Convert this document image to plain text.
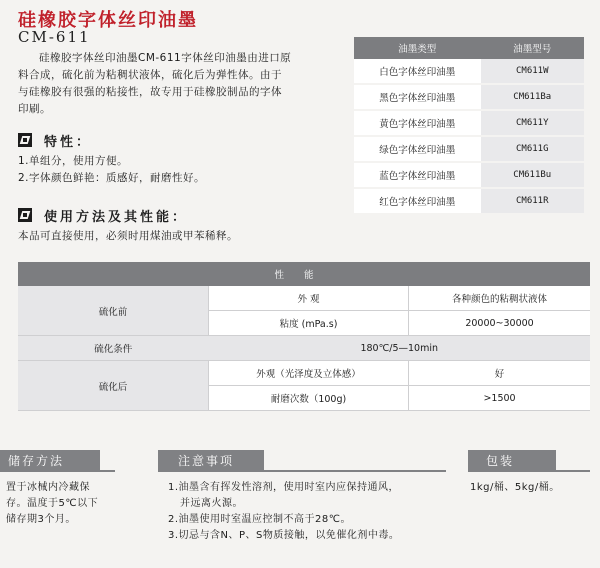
硅橡胶字体丝印油墨
CM-611
硅橡胶字体丝印油墨CM-611字体丝印油墨由进口原
料合成，硫化前为粘稠状液体，硫化后为弹性体。由于
与硅橡胶有很强的粘接性，故专用于硅橡胶制品的字体
印刷。
油墨类型	油墨型号
白色字体丝印油墨	CM611W
黑色字体丝印油墨	CM611Ba
黄色字体丝印油墨	CM611Y
绿色字体丝印油墨	CM611G
蓝色字体丝印油墨	CM611Bu
红色字体丝印油墨	CM611R
特性：
1.单组分，使用方便。
2.字体颜色鲜艳：质感好，耐磨性好。
使用方法及其性能：
本品可直接使用，必须时用煤油或甲苯稀释。
性能		
硫化前	外 观	各种颜色的粘稠状液体
	粘度 (mPa.s)	20000~30000
硫化条件	180℃/5—10min	
硫化后	外观（光泽度及立体感）	好
	耐磨次数（100g)	>1500
储存方法
置于冰械内冷藏保
存。温度于5℃以下
储存期3个月。
注意事项
1.油墨含有挥发性溶剂，使用时室内应保持通风，
并远离火源。
2.油墨使用时室温应控制不高于28℃。
3.切忌与含N、P、S物质接触，以免催化剂中毒。
包装
1kg/桶、5kg/桶。
